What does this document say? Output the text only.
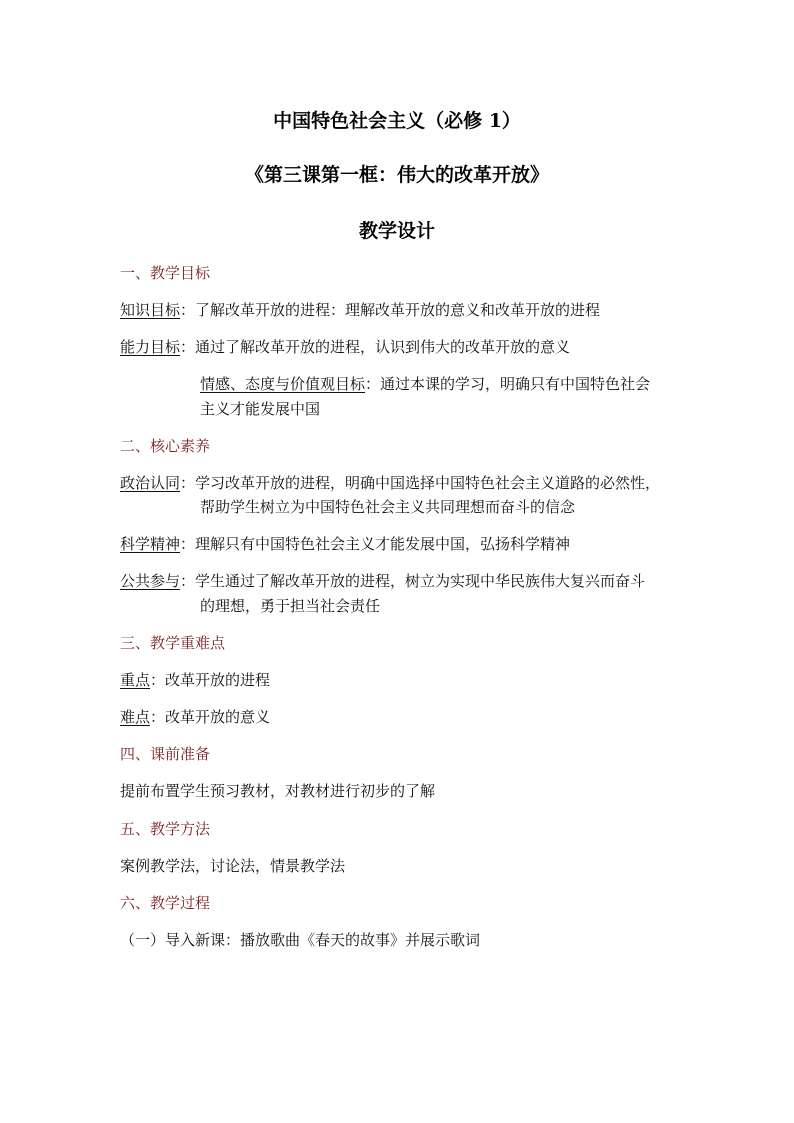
中国特色社会主义（必修 1）
《第三课第一框：伟大的改革开放》
教学设计
一、教学目标
知识目标：了解改革开放的进程：理解改革开放的意义和改革开放的进程
能力目标：通过了解改革开放的进程，认识到伟大的改革开放的意义
情感、态度与价值观目标：通过本课的学习，明确只有中国特色社会
主义才能发展中国
二、核心素养
政治认同：学习改革开放的进程，明确中国选择中国特色社会主义道路的必然性，
帮助学生树立为中国特色社会主义共同理想而奋斗的信念
科学精神：理解只有中国特色社会主义才能发展中国，弘扬科学精神
公共参与：学生通过了解改革开放的进程，树立为实现中华民族伟大复兴而奋斗
的理想，勇于担当社会责任
三、教学重难点
重点：改革开放的进程
难点：改革开放的意义
四、课前准备
提前布置学生预习教材，对教材进行初步的了解
五、教学方法
案例教学法，讨论法，情景教学法
六、教学过程
（一）导入新课：播放歌曲《春天的故事》并展示歌词
